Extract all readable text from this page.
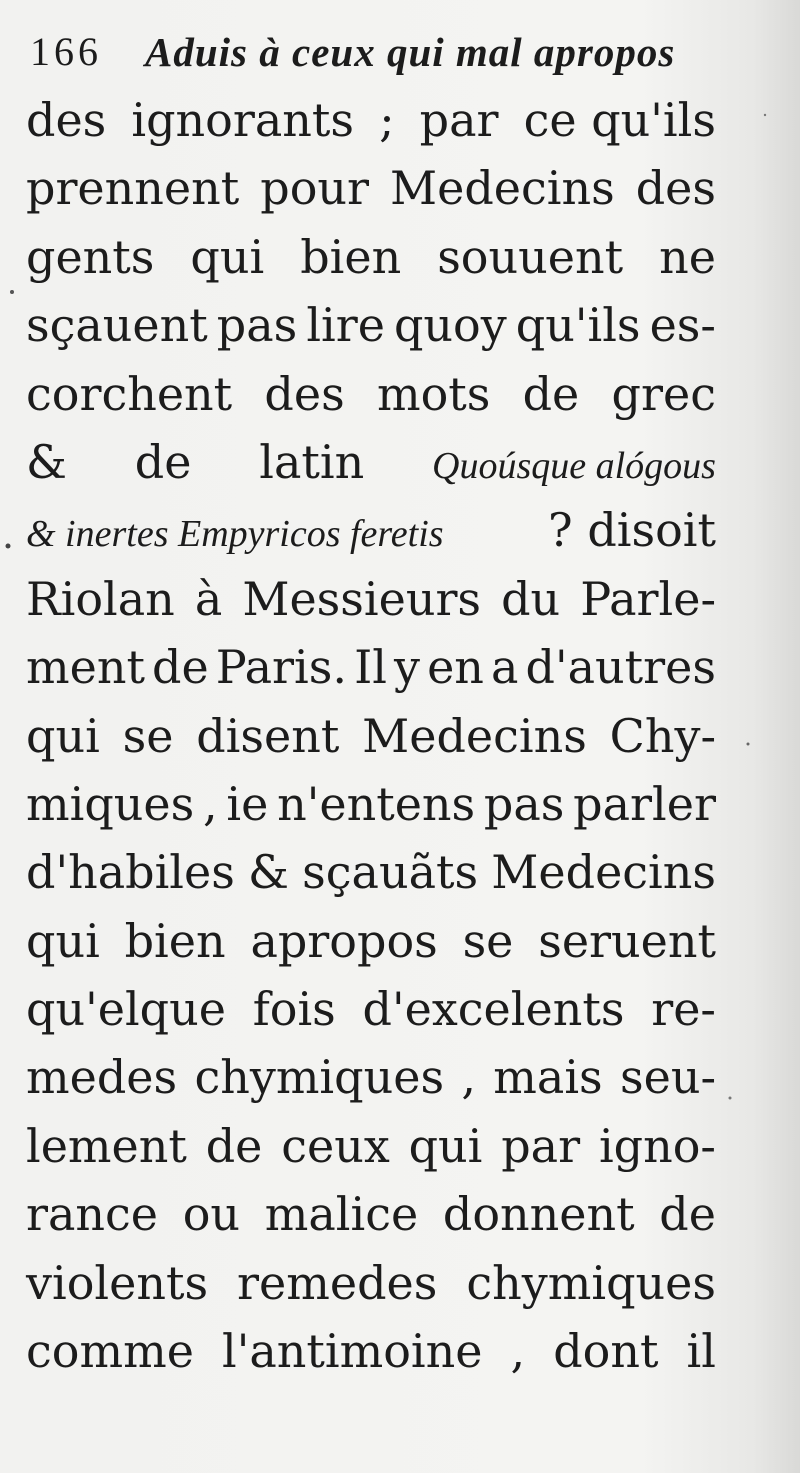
166 Aduis à ceux qui mal apropos
des ignorants ; par ce qu'ils
prennent pour Medecins des
gents qui bien souuent ne
sçauent pas lire quoy qu'ils es-
corchent des mots de grec
& de latin Quoúsque alógous
& inertes Empyricos feretis ? disoit
Riolan à Messieurs du Parle-
ment de Paris. Il y en a d'autres
qui se disent Medecins Chy-
miques , ie n'entens pas parler
d'habiles & sçauãts Medecins
qui bien apropos se seruent
qu'elque fois d'excelents re-
medes chymiques , mais seu-
lement de ceux qui par igno-
rance ou malice donnent de
violents remedes chymiques
comme l'antimoine , dont il
